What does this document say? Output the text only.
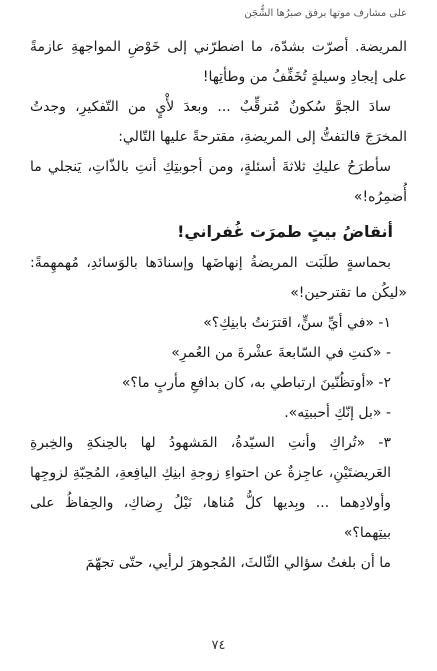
على مشارف موتها برفق صبرُها الشُّجَن

المريضة. أصرّت بشدّة، ما اضطرّني إلى خَوْضِ المواجهةِ عازمةً على إيجادِ وسيلةٍ تُخَفِّفُ من وطأتِها!

سادَ الجوَّ سُكونٌ مُترقِّبٌ ... وبعدَ لأْيٍ من التّفكيرِ، وجدتُ المخرَجَ فالتفتُّ إلى المريضةِ، مقترحةً عليها التّالي:

سأطرَحُ عليكِ ثلاثةَ أسئلةٍ، ومن أجوبتِكِ أنتِ بالذّاتِ، يَنجلي ما أُضمِرُه!»

أنقاضُ بيتٍ طمرَت غُفراني!

بحماسةٍ طلَبَت المريضةُ إنهاضَها وإسنادَها بالوَسائدِ، مُهمهِمةً: «ليكُن ما تقترحين!»

١- «في أيِّ سنٍّ، اقترَنتُ بابنِكِ؟»

- «كنتِ في السّابعةَ عشْرةَ من العُمرِ»

٢- «أوتظُنّينَ ارتباطي به، كان بدافعِ مأربٍ ما؟»

- «بل إنّكِ أحببتِه».

٣- «تُراكِ وأنتِ السيّدةُ، المَشهودُ لها بالحِنكةِ والخِبرةِ العَريضتَيْنِ، عاجِزةٌ عن احتواءِ زوجةِ ابنِكِ اليافِعةِ، المُحِبّةِ لزوجِها وأولادِهما ... وبِديها كلُّ مُناها، نَيْلُ رِضاكِ، والحِفاظُ على بيتِهما؟»

ما أن بلغتُ سؤالي الثّالثَ، المُجوهرَ لرأيي، حتّى تجهّمَ

٧٤
